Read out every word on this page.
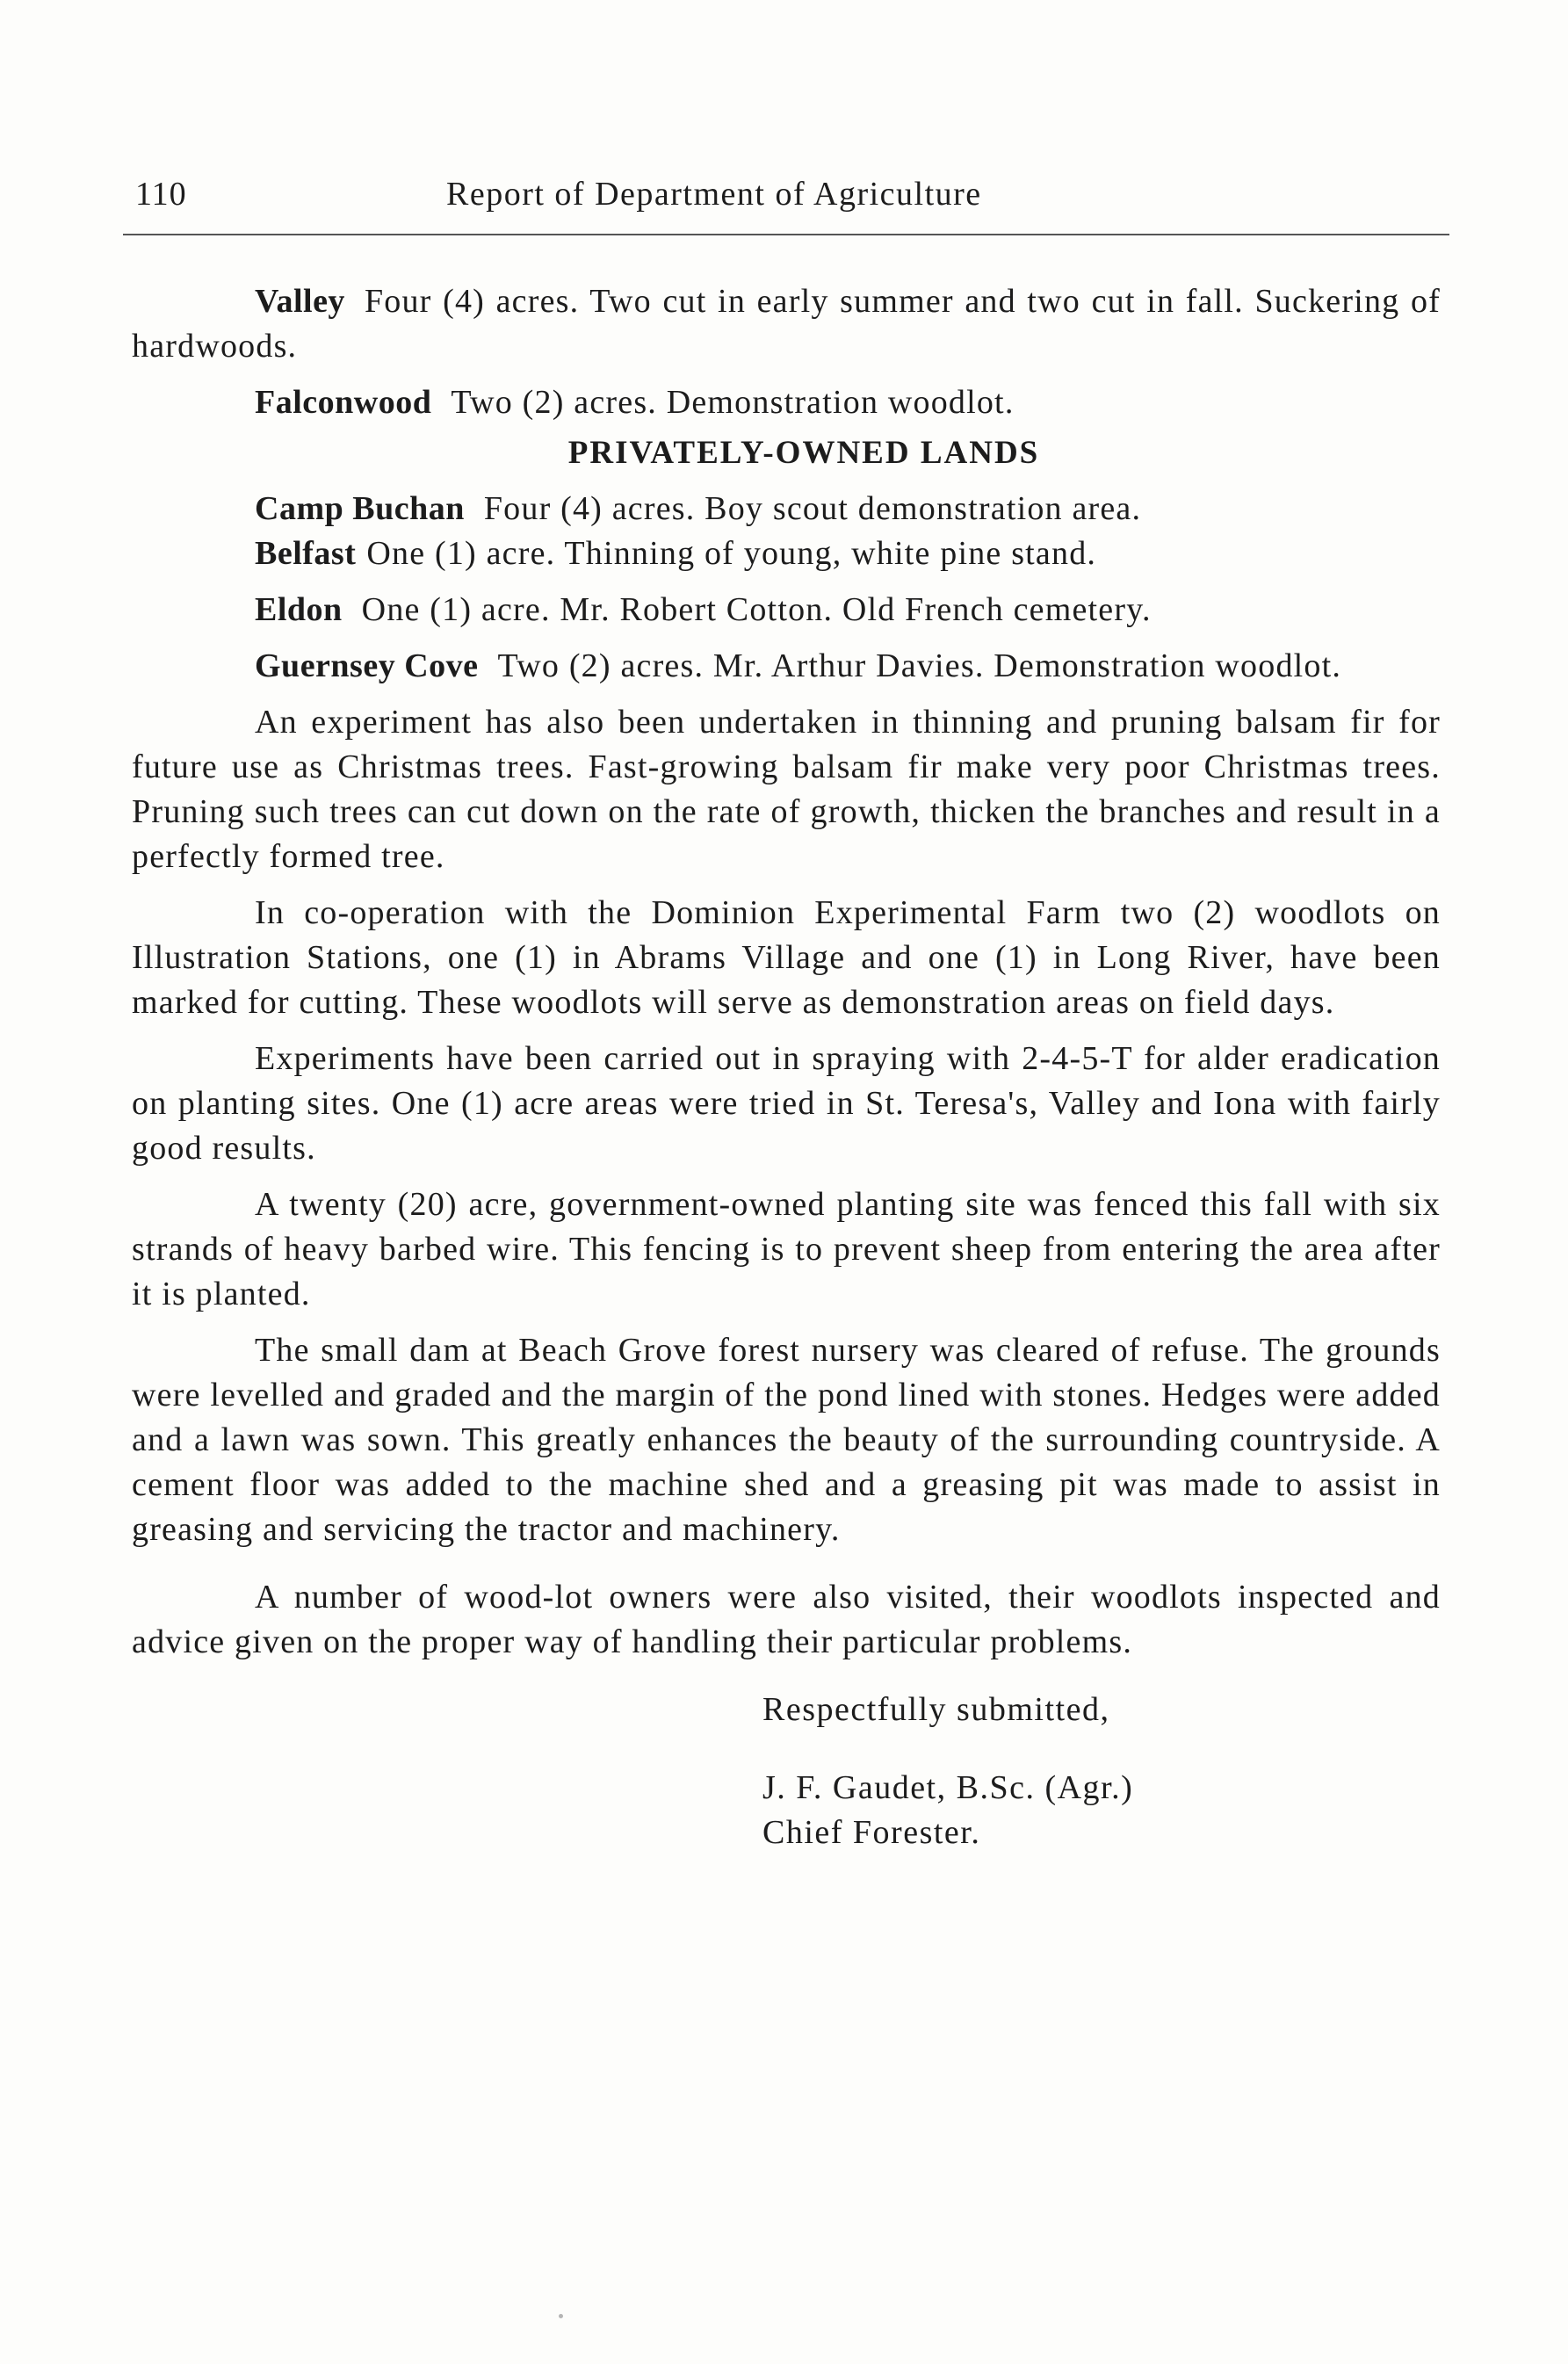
110	Report of Department of Agriculture

Valley Four (4) acres. Two cut in early summer and two cut in fall. Suckering of hardwoods.

Falconwood Two (2) acres. Demonstration woodlot.

PRIVATELY-OWNED LANDS

Camp Buchan Four (4) acres. Boy scout demonstration area.

Belfast One (1) acre. Thinning of young, white pine stand.

Eldon One (1) acre. Mr. Robert Cotton. Old French cemetery.

Guernsey Cove Two (2) acres. Mr. Arthur Davies. Demonstration woodlot.

An experiment has also been undertaken in thinning and pruning balsam fir for future use as Christmas trees. Fast-growing balsam fir make very poor Christmas trees. Pruning such trees can cut down on the rate of growth, thicken the branches and result in a perfectly formed tree.

In co-operation with the Dominion Experimental Farm two (2) woodlots on Illustration Stations, one (1) in Abrams Village and one (1) in Long River, have been marked for cutting. These woodlots will serve as demonstration areas on field days.

Experiments have been carried out in spraying with 2-4-5-T for alder eradication on planting sites. One (1) acre areas were tried in St. Teresa's, Valley and Iona with fairly good results.

A twenty (20) acre, government-owned planting site was fenced this fall with six strands of heavy barbed wire. This fencing is to prevent sheep from entering the area after it is planted.

The small dam at Beach Grove forest nursery was cleared of refuse. The grounds were levelled and graded and the margin of the pond lined with stones. Hedges were added and a lawn was sown. This greatly enhances the beauty of the surrounding countryside. A cement floor was added to the machine shed and a greasing pit was made to assist in greasing and servicing the tractor and machinery.

A number of wood-lot owners were also visited, their woodlots inspected and advice given on the proper way of handling their particular problems.

Respectfully submitted,
J. F. Gaudet, B.Sc. (Agr.)
Chief Forester.
